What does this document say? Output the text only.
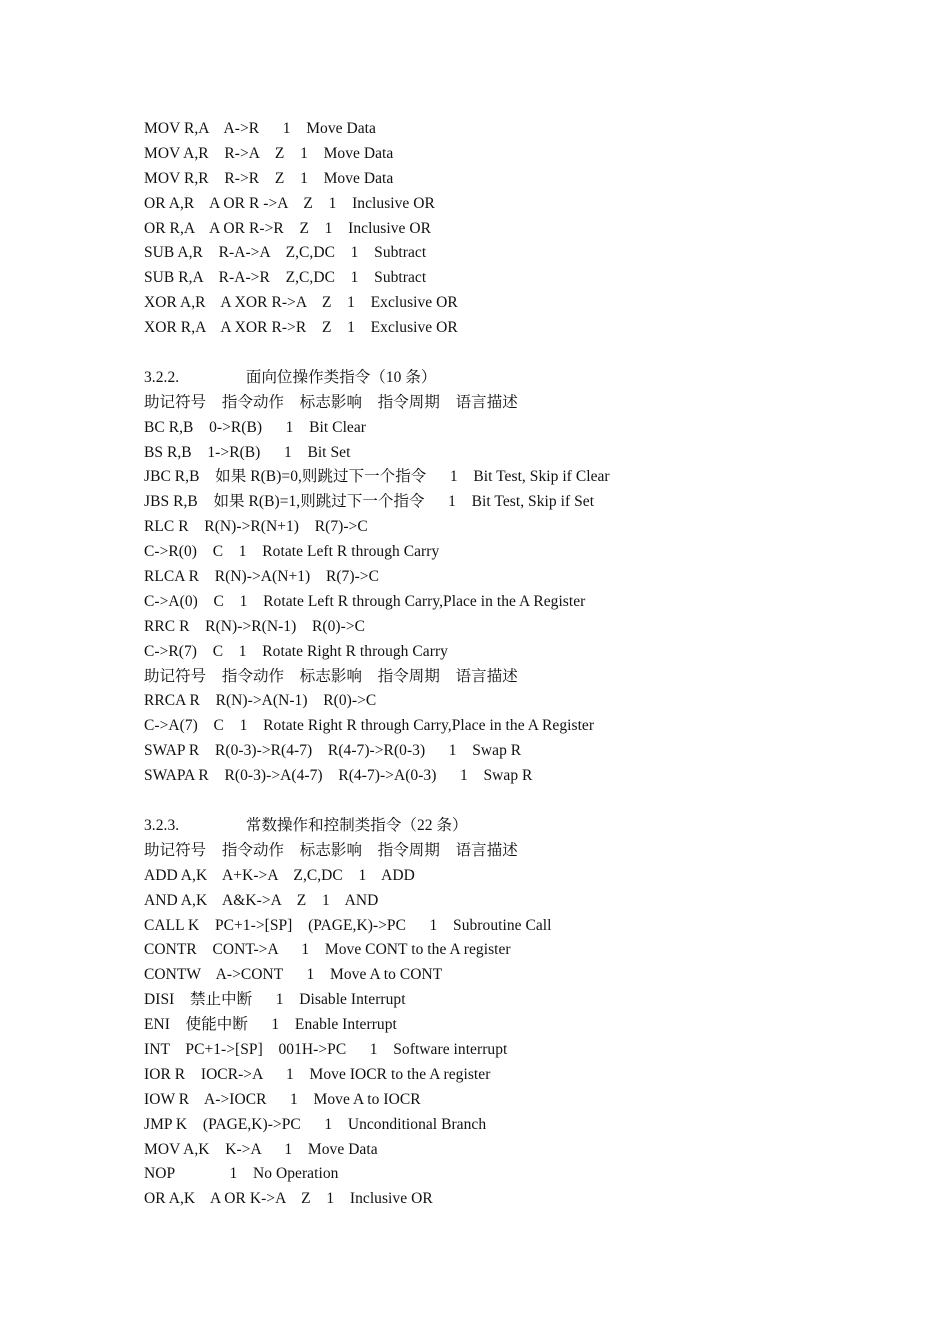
MOV R,A    A->R      1    Move Data
MOV A,R    R->A    Z    1    Move Data
MOV R,R    R->R    Z    1    Move Data
OR A,R    A OR R ->A    Z    1    Inclusive OR
OR R,A    A OR R->R    Z    1    Inclusive OR
SUB A,R    R-A->A    Z,C,DC    1    Subtract
SUB R,A    R-A->R    Z,C,DC    1    Subtract
XOR A,R    A XOR R->A    Z    1    Exclusive OR
XOR R,A    A XOR R->R    Z    1    Exclusive OR
3.2.2.                 面向位操作类指令（10 条）
助记符号    指令动作    标志影响    指令周期    语言描述
BC R,B    0->R(B)      1    Bit Clear
BS R,B    1->R(B)      1    Bit Set
JBC R,B    如果 R(B)=0,则跳过下一个指令      1    Bit Test, Skip if Clear
JBS R,B    如果 R(B)=1,则跳过下一个指令      1    Bit Test, Skip if Set
RLC R    R(N)->R(N+1)    R(7)->C
C->R(0)    C    1    Rotate Left R through Carry
RLCA R    R(N)->A(N+1)    R(7)->C
C->A(0)    C    1    Rotate Left R through Carry,Place in the A Register
RRC R    R(N)->R(N-1)    R(0)->C
C->R(7)    C    1    Rotate Right R through Carry
助记符号    指令动作    标志影响    指令周期    语言描述
RRCA R    R(N)->A(N-1)    R(0)->C
C->A(7)    C    1    Rotate Right R through Carry,Place in the A Register
SWAP R    R(0-3)->R(4-7)    R(4-7)->R(0-3)      1    Swap R
SWAPA R    R(0-3)->A(4-7)    R(4-7)->A(0-3)      1    Swap R
3.2.3.                 常数操作和控制类指令（22 条）
助记符号    指令动作    标志影响    指令周期    语言描述
ADD A,K    A+K->A    Z,C,DC    1    ADD
AND A,K    A&K->A    Z    1    AND
CALL K    PC+1->[SP]    (PAGE,K)->PC      1    Subroutine Call
CONTR    CONT->A      1    Move CONT to the A register
CONTW    A->CONT      1    Move A to CONT
DISI    禁止中断      1    Disable Interrupt
ENI    使能中断      1    Enable Interrupt
INT    PC+1->[SP]    001H->PC      1    Software interrupt
IOR R    IOCR->A      1    Move IOCR to the A register
IOW R    A->IOCR      1    Move A to IOCR
JMP K    (PAGE,K)->PC      1    Unconditional Branch
MOV A,K    K->A      1    Move Data
NOP              1    No Operation
OR A,K    A OR K->A    Z    1    Inclusive OR
